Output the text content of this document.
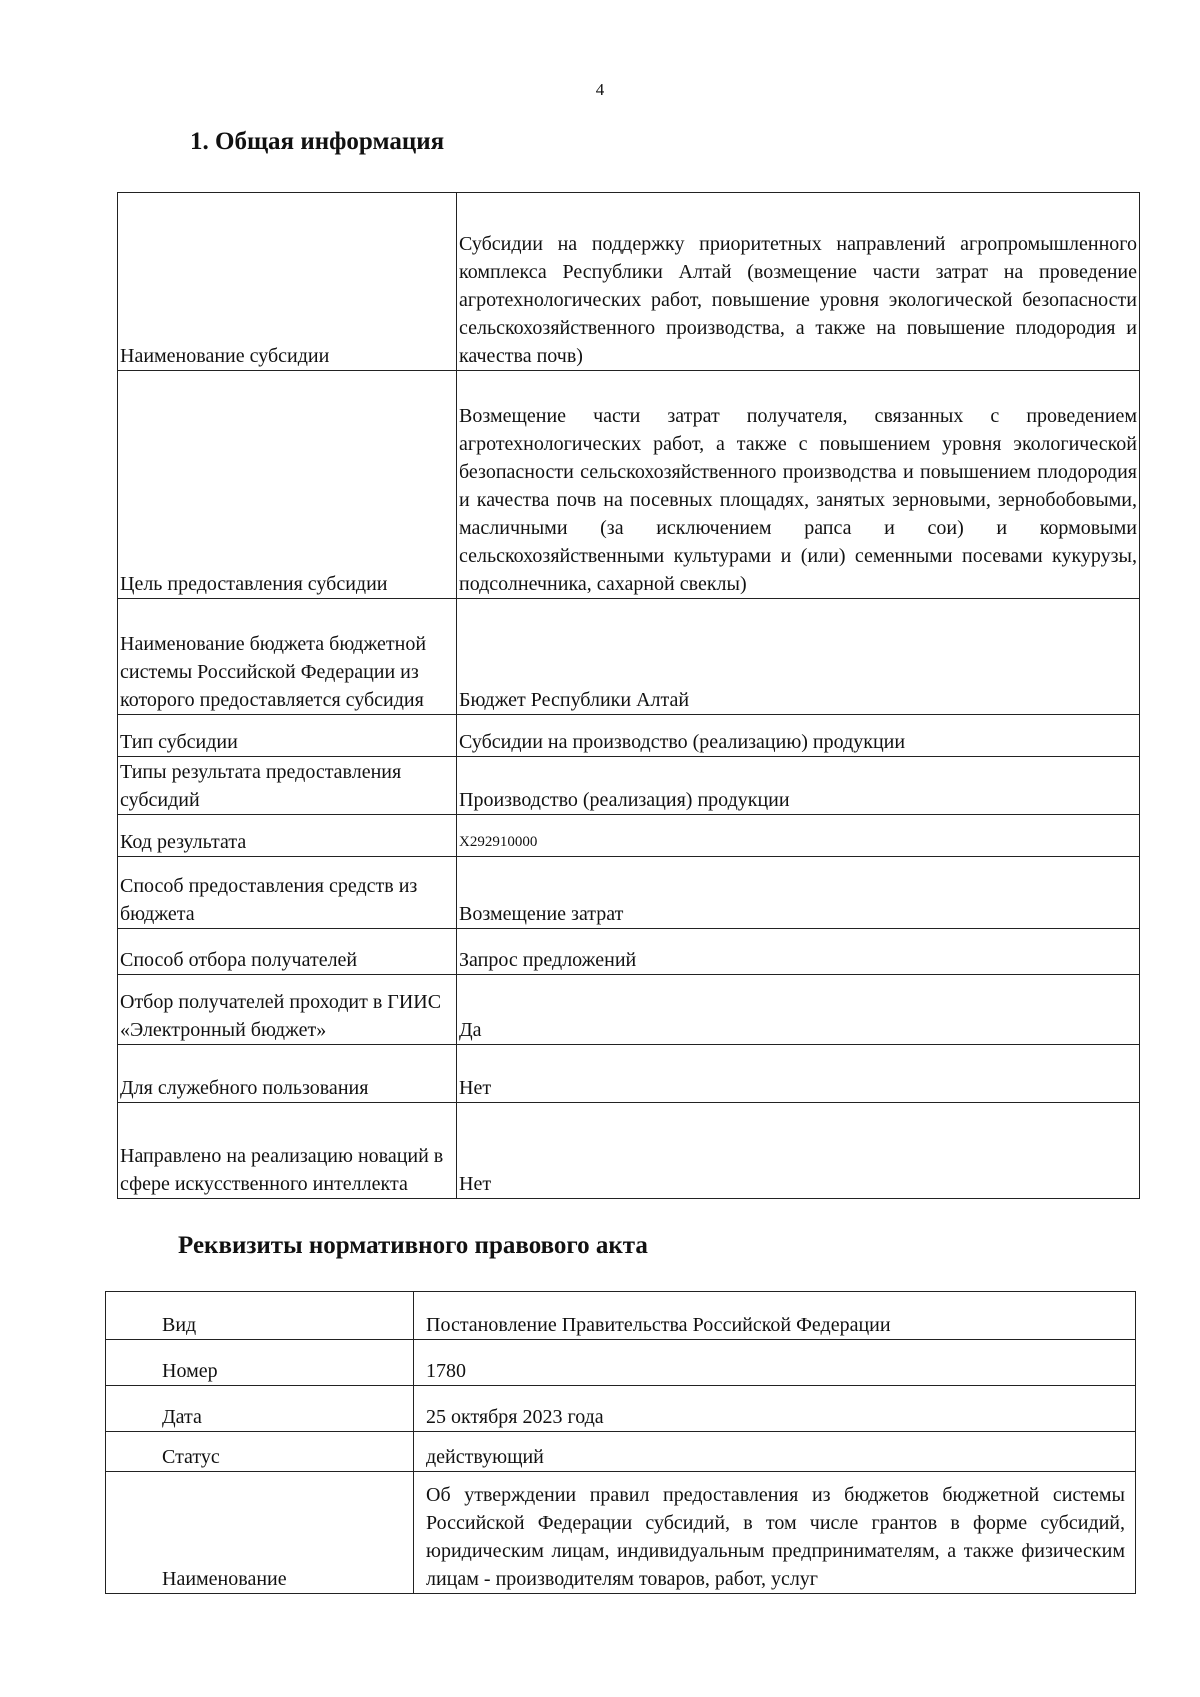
4
1. Общая информация
Наименование субсидии	Субсидии на поддержку приоритетных направлений агропромышленного комплекса Республики Алтай (возмещение части затрат на проведение агротехнологических работ, повышение уровня экологической безопасности сельскохозяйственного производства, а также на повышение плодородия и качества почв)
Цель предоставления субсидии	Возмещение части затрат получателя, связанных с проведением агротехнологических работ, а также с повышением уровня экологической безопасности сельскохозяйственного производства и повышением плодородия и качества почв на посевных площадях, занятых зерновыми, зернобобовыми, масличными (за исключением рапса и сои) и кормовыми сельскохозяйственными культурами и (или) семенными посевами кукурузы, подсолнечника, сахарной свеклы)
Наименование бюджета бюджетной системы Российской Федерации из которого предоставляется субсидия	Бюджет Республики Алтай
Тип субсидии	Субсидии на производство (реализацию) продукции
Типы результата предоставления субсидий	Производство (реализация) продукции
Код результата	X292910000
Способ предоставления средств из бюджета	Возмещение затрат
Способ отбора получателей	Запрос предложений
Отбор получателей проходит в ГИИС «Электронный бюджет»	Да
Для служебного пользования	Нет
Направлено на реализацию новаций в сфере искусственного интеллекта	Нет
Реквизиты нормативного правового акта
Вид	Постановление Правительства Российской Федерации
Номер	1780
Дата	25 октября 2023 года
Статус	действующий
Наименование	Об утверждении правил предоставления из бюджетов бюджетной системы Российской Федерации субсидий, в том числе грантов в форме субсидий, юридическим лицам, индивидуальным предпринимателям, а также физическим лицам - производителям товаров, работ, услуг
